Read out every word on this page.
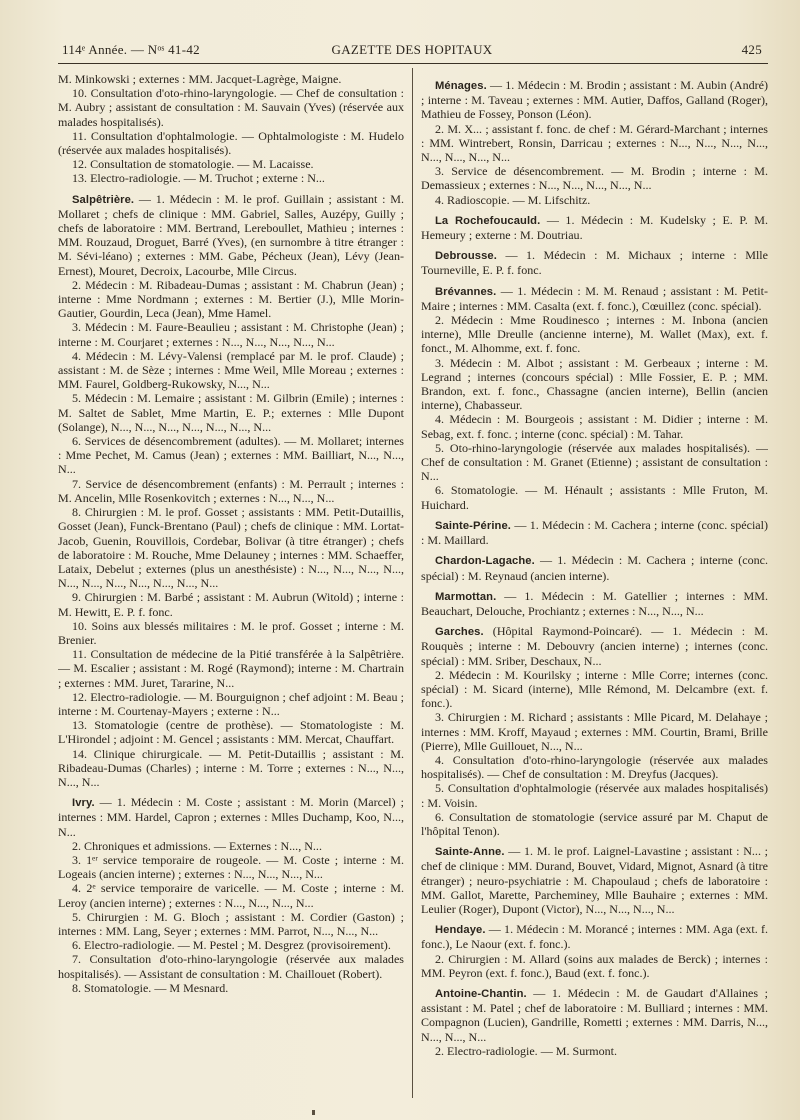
114ᵉ Année. — Nᵒˢ 41-42	GAZETTE DES HOPITAUX	425

M. Minkowski ; externes : MM. Jacquet-Lagrège, Maigne.

10. Consultation d'oto-rhino-laryngologie. — Chef de consultation : M. Aubry ; assistant de consultation : M. Sauvain (Yves) (réservée aux malades hospitalisés).

11. Consultation d'ophtalmologie. — Ophtalmologiste : M. Hudelo (réservée aux malades hospitalisés).

12. Consultation de stomatologie. — M. Lacaisse.

13. Electro-radiologie. — M. Truchot ; externe : N...

Salpêtrière. — 1. Médecin : M. le prof. Guillain ; assistant : M. Mollaret ; chefs de clinique : MM. Gabriel, Salles, Auzépy, Guilly ; chefs de laboratoire : MM. Bertrand, Lereboullet, Mathieu ; internes : MM. Rouzaud, Droguet, Barré (Yves), (en surnombre à titre étranger : M. Sévi-léano) ; externes : MM. Gabe, Pécheux (Jean), Lévy (Jean-Ernest), Mouret, Decroix, Lacourbe, Mlle Circus.

2. Médecin : M. Ribadeau-Dumas ; assistant : M. Chabrun (Jean) ; interne : Mme Nordmann ; externes : M. Bertier (J.), Mlle Morin-Gautier, Gourdin, Leca (Jean), Mme Hamel.

3. Médecin : M. Faure-Beaulieu ; assistant : M. Christophe (Jean) ; interne : M. Courjaret ; externes : N..., N..., N..., N..., N...

4. Médecin : M. Lévy-Valensi (remplacé par M. le prof. Claude) ; assistant : M. de Sèze ; internes : Mme Weil, Mlle Moreau ; externes : MM. Faurel, Goldberg-Rukowsky, N..., N...

5. Médecin : M. Lemaire ; assistant : M. Gilbrin (Emile) ; internes : M. Saltet de Sablet, Mme Martin, E. P.; externes : Mlle Dupont (Solange), N..., N..., N..., N..., N..., N..., N...

6. Services de désencombrement (adultes). — M. Mollaret; internes : Mme Pechet, M. Camus (Jean) ; externes : MM. Bailliart, N..., N..., N...

7. Service de désencombrement (enfants) : M. Perrault ; internes : M. Ancelin, Mlle Rosenkovitch ; externes : N..., N..., N...

8. Chirurgien : M. le prof. Gosset ; assistants : MM. Petit-Dutaillis, Gosset (Jean), Funck-Brentano (Paul) ; chefs de clinique : MM. Lortat-Jacob, Guenin, Rouvillois, Cordebar, Bolivar (à titre étranger) ; chefs de laboratoire : M. Rouche, Mme Delauney ; internes : MM. Schaeffer, Lataix, Debelut ; externes (plus un anesthésiste) : N..., N..., N..., N..., N..., N..., N..., N..., N..., N..., N...

9. Chirurgien : M. Barbé ; assistant : M. Aubrun (Witold) ; interne : M. Hewitt, E. P. f. fonc.

10. Soins aux blessés militaires : M. le prof. Gosset ; interne : M. Brenier.

11. Consultation de médecine de la Pitié transférée à la Salpêtrière. — M. Escalier ; assistant : M. Rogé (Raymond); interne : M. Chartrain ; externes : MM. Juret, Tararine, N...

12. Electro-radiologie. — M. Bourguignon ; chef adjoint : M. Beau ; interne : M. Courtenay-Mayers ; externe : N...

13. Stomatologie (centre de prothèse). — Stomatologiste : M. L'Hirondel ; adjoint : M. Gencel ; assistants : MM. Mercat, Chauffart.

14. Clinique chirurgicale. — M. Petit-Dutaillis ; assistant : M. Ribadeau-Dumas (Charles) ; interne : M. Torre ; externes : N..., N..., N..., N...

Ivry. — 1. Médecin : M. Coste ; assistant : M. Morin (Marcel) ; internes : MM. Hardel, Capron ; externes : Mlles Duchamp, Koo, N..., N...

2. Chroniques et admissions. — Externes : N..., N...

3. 1ᵉʳ service temporaire de rougeole. — M. Coste ; interne : M. Logeais (ancien interne) ; externes : N..., N..., N..., N...

4. 2ᵉ service temporaire de varicelle. — M. Coste ; interne : M. Leroy (ancien interne) ; externes : N..., N..., N..., N...

5. Chirurgien : M. G. Bloch ; assistant : M. Cordier (Gaston) ; internes : MM. Lang, Seyer ; externes : MM. Parrot, N..., N..., N...

6. Electro-radiologie. — M. Pestel ; M. Desgrez (provisoirement).

7. Consultation d'oto-rhino-laryngologie (réservée aux malades hospitalisés). — Assistant de consultation : M. Chaillouet (Robert).

8. Stomatologie. — M Mesnard.

Ménages. — 1. Médecin : M. Brodin ; assistant : M. Aubin (André) ; interne : M. Taveau ; externes : MM. Autier, Daffos, Galland (Roger), Mathieu de Fossey, Ponson (Léon).

2. M. X... ; assistant f. fonc. de chef : M. Gérard-Marchant ; internes : MM. Wintrebert, Ronsin, Darricau ; externes : N..., N..., N..., N..., N..., N..., N..., N...

3. Service de désencombrement. — M. Brodin ; interne : M. Demassieux ; externes : N..., N..., N..., N..., N...

4. Radioscopie. — M. Lifschitz.

La Rochefoucauld. — 1. Médecin : M. Kudelsky ; E. P. M. Hemeury ; externe : M. Doutriau.

Debrousse. — 1. Médecin : M. Michaux ; interne : Mlle Tourneville, E. P. f. fonc.

Brévannes. — 1. Médecin : M. M. Renaud ; assistant : M. Petit-Maire ; internes : MM. Casalta (ext. f. fonc.), Cœuillez (conc. spécial).

2. Médecin : Mme Roudinesco ; internes : M. Inbona (ancien interne), Mlle Dreulle (ancienne interne), M. Wallet (Max), ext. f. fonct., M. Alhomme, ext. f. fonc.

3. Médecin : M. Albot ; assistant : M. Gerbeaux ; interne : M. Legrand ; internes (concours spécial) : Mlle Fossier, E. P. ; MM. Brandon, ext. f. fonc., Chassagne (ancien interne), Bellin (ancien interne), Chabasseur.

4. Médecin : M. Bourgeois ; assistant : M. Didier ; interne : M. Sebag, ext. f. fonc. ; interne (conc. spécial) : M. Tahar.

5. Oto-rhino-laryngologie (réservée aux malades hospitalisés). — Chef de consultation : M. Granet (Etienne) ; assistant de consultation : N...

6. Stomatologie. — M. Hénault ; assistants : Mlle Fruton, M. Huichard.

Sainte-Périne. — 1. Médecin : M. Cachera ; interne (conc. spécial) : M. Maillard.

Chardon-Lagache. — 1. Médecin : M. Cachera ; interne (conc. spécial) : M. Reynaud (ancien interne).

Marmottan. — 1. Médecin : M. Gatellier ; internes : MM. Beauchart, Delouche, Prochiantz ; externes : N..., N..., N...

Garches. (Hôpital Raymond-Poincaré). — 1. Médecin : M. Rouquès ; interne : M. Debouvry (ancien interne) ; internes (conc. spécial) : MM. Sriber, Deschaux, N...

2. Médecin : M. Kourilsky ; interne : Mlle Corre; internes (conc. spécial) : M. Sicard (interne), Mlle Rémond, M. Delcambre (ext. f. fonc.).

3. Chirurgien : M. Richard ; assistants : Mlle Picard, M. Delahaye ; internes : MM. Kroff, Mayaud ; externes : MM. Courtin, Brami, Brille (Pierre), Mlle Guillouet, N..., N...

4. Consultation d'oto-rhino-laryngologie (réservée aux malades hospitalisés). — Chef de consultation : M. Dreyfus (Jacques).

5. Consultation d'ophtalmologie (réservée aux malades hospitalisés) : M. Voisin.

6. Consultation de stomatologie (service assuré par M. Chaput de l'hôpital Tenon).

Sainte-Anne. — 1. M. le prof. Laignel-Lavastine ; assistant : N... ; chef de clinique : MM. Durand, Bouvet, Vidard, Mignot, Asnard (à titre étranger) ; neuro-psychiatrie : M. Chapoulaud ; chefs de laboratoire : MM. Gallot, Marette, Parcheminey, Mlle Bauhaire ; externes : MM. Leulier (Roger), Dupont (Victor), N..., N..., N..., N...

Hendaye. — 1. Médecin : M. Morancé ; internes : MM. Aga (ext. f. fonc.), Le Naour (ext. f. fonc.).

2. Chirurgien : M. Allard (soins aux malades de Berck) ; internes : MM. Peyron (ext. f. fonc.), Baud (ext. f. fonc.).

Antoine-Chantin. — 1. Médecin : M. de Gaudart d'Allaines ; assistant : M. Patel ; chef de laboratoire : M. Bulliard ; internes : MM. Compagnon (Lucien), Gandrille, Rometti ; externes : MM. Darris, N..., N..., N..., N...

2. Electro-radiologie. — M. Surmont.
